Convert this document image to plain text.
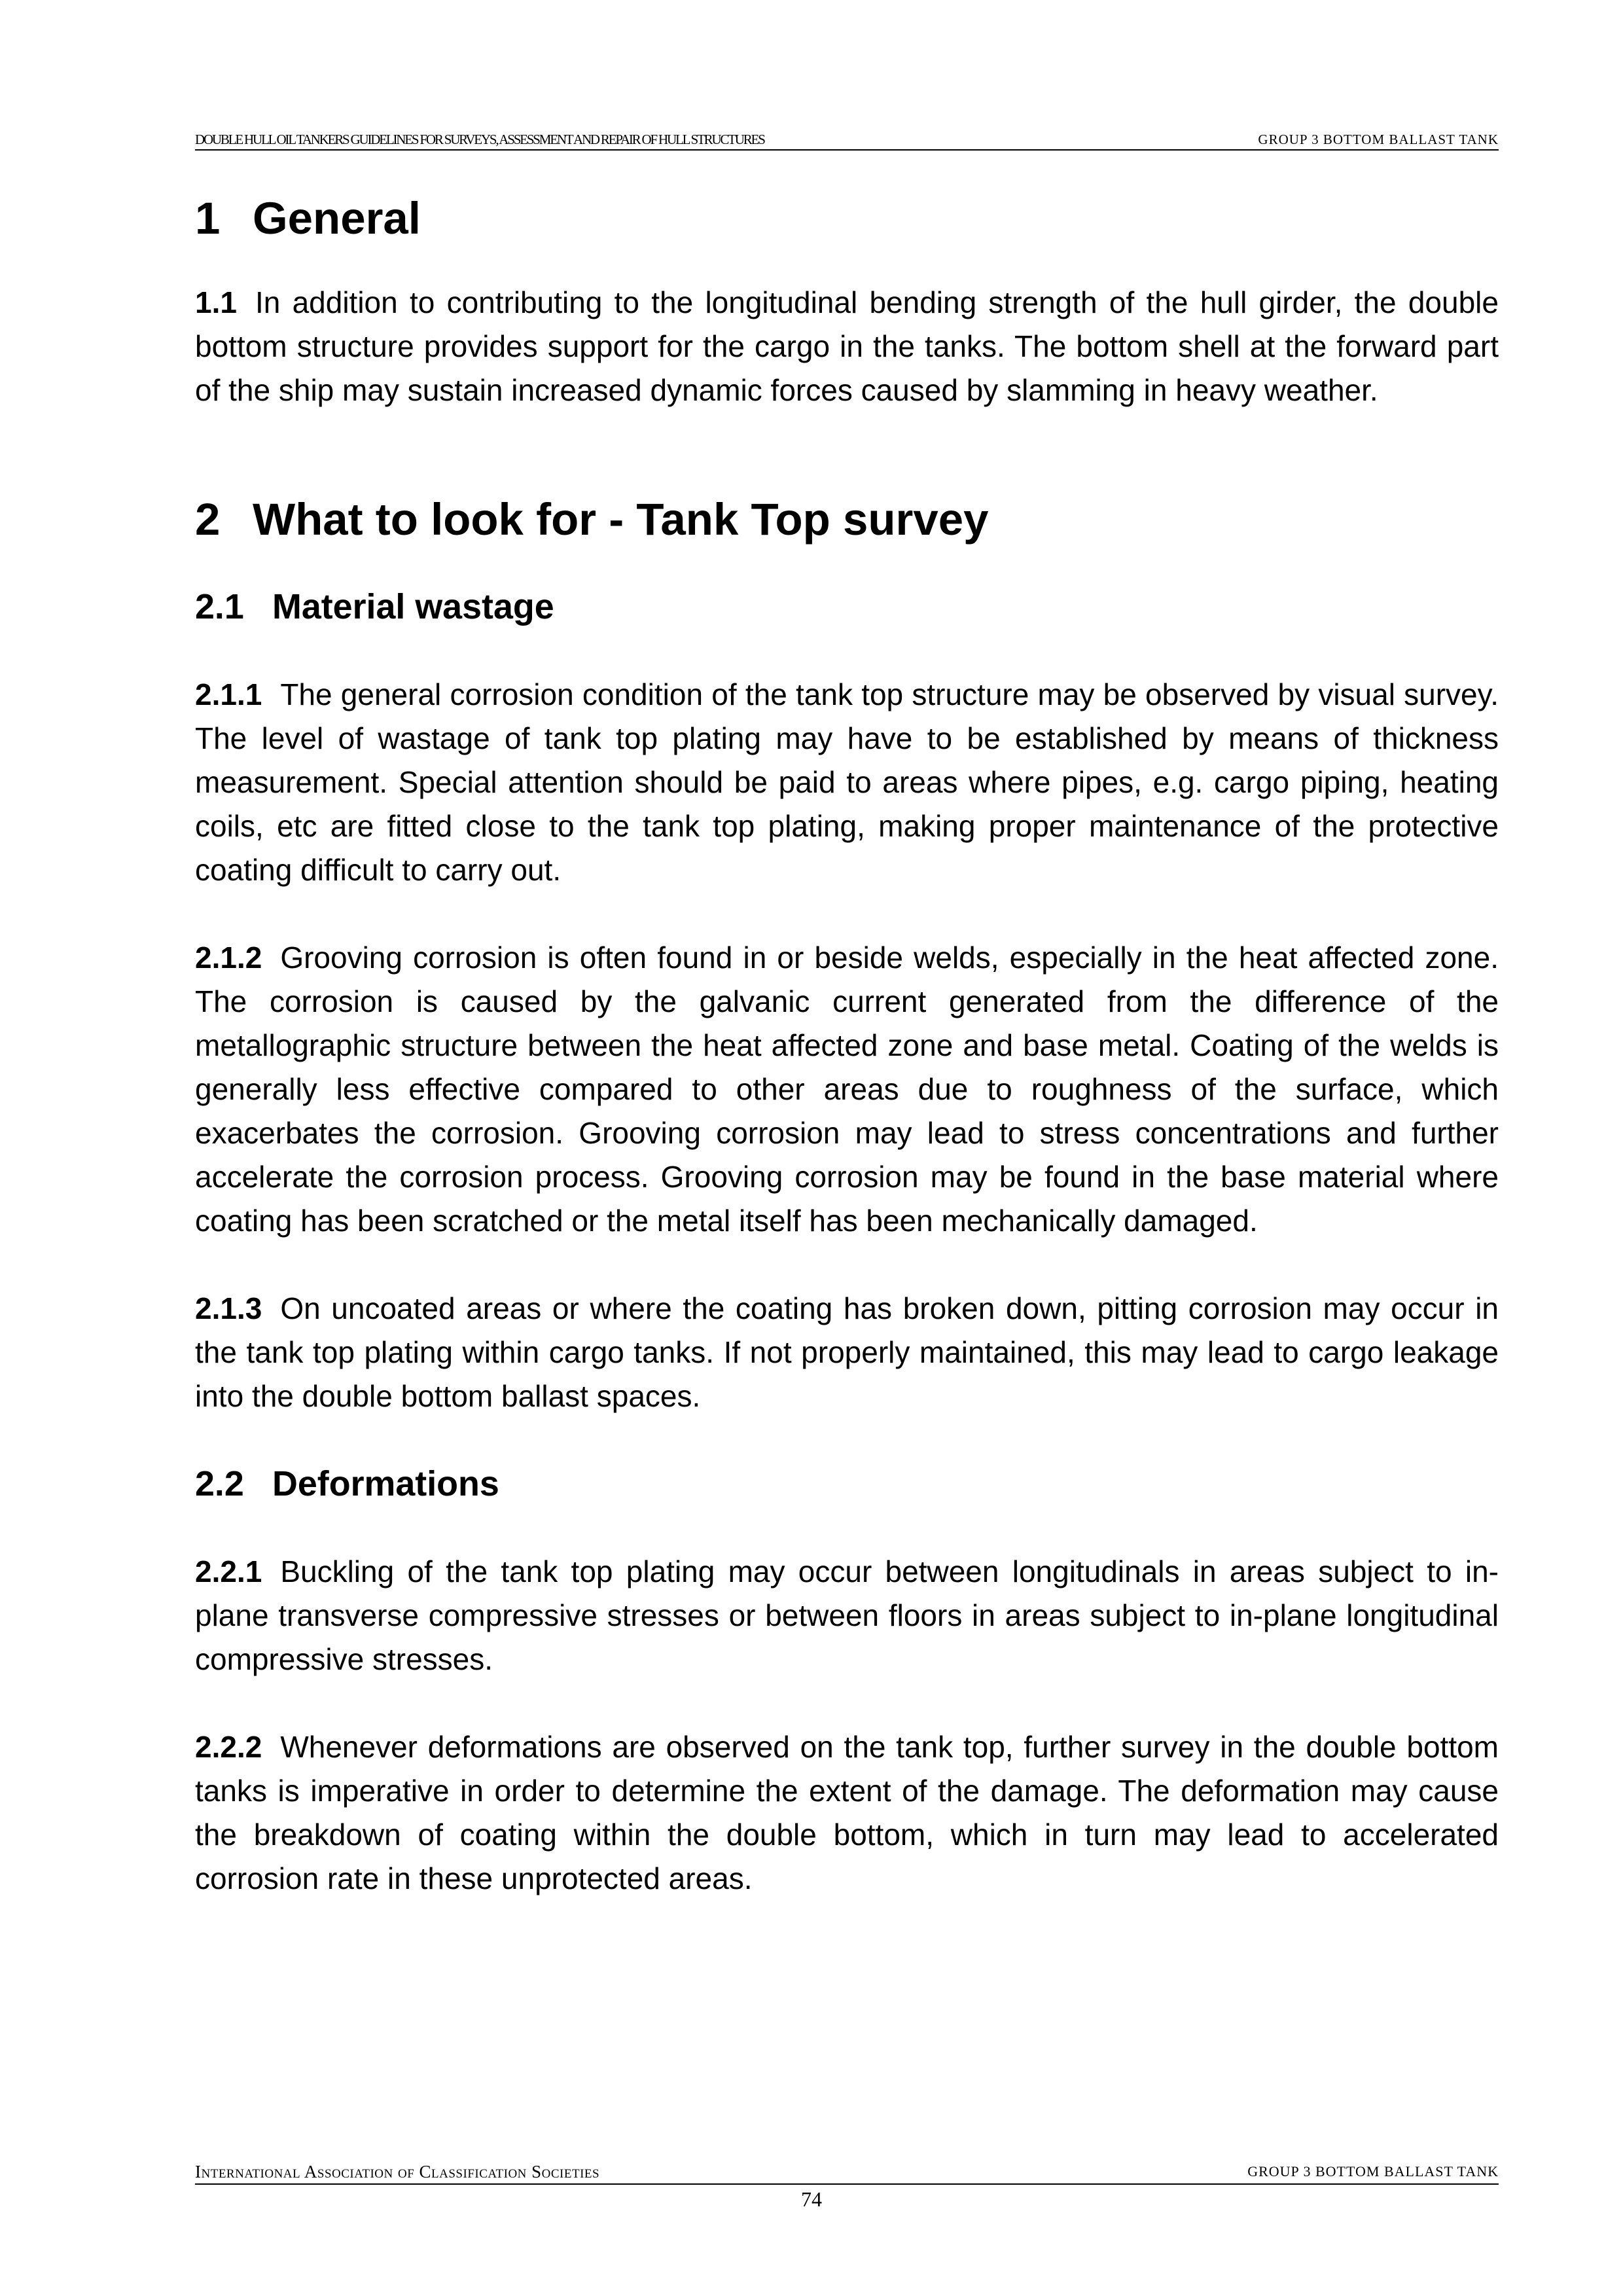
DOUBLE HULL OIL TANKERS GUIDELINES FOR SURVEYS, ASSESSMENT AND REPAIR OF HULL STRUCTURES	GROUP 3 BOTTOM BALLAST TANK
1 General

1.1 In addition to contributing to the longitudinal bending strength of the hull girder, the double bottom structure provides support for the cargo in the tanks. The bottom shell at the forward part of the ship may sustain increased dynamic forces caused by slamming in heavy weather.

2 What to look for - Tank Top survey
2.1 Material wastage

2.1.1 The general corrosion condition of the tank top structure may be observed by visual survey. The level of wastage of tank top plating may have to be established by means of thickness measurement. Special attention should be paid to areas where pipes, e.g. cargo piping, heating coils, etc are fitted close to the tank top plating, making proper maintenance of the protective coating difficult to carry out.

2.1.2 Grooving corrosion is often found in or beside welds, especially in the heat affected zone. The corrosion is caused by the galvanic current generated from the difference of the metallographic structure between the heat affected zone and base metal. Coating of the welds is generally less effective compared to other areas due to roughness of the surface, which exacerbates the corrosion. Grooving corrosion may lead to stress concentrations and further accelerate the corrosion process. Grooving corrosion may be found in the base material where coating has been scratched or the metal itself has been mechanically damaged.

2.1.3 On uncoated areas or where the coating has broken down, pitting corrosion may occur in the tank top plating within cargo tanks. If not properly maintained, this may lead to cargo leakage into the double bottom ballast spaces.

2.2 Deformations

2.2.1 Buckling of the tank top plating may occur between longitudinals in areas subject to in-plane transverse compressive stresses or between floors in areas subject to in-plane longitudinal compressive stresses.

2.2.2 Whenever deformations are observed on the tank top, further survey in the double bottom tanks is imperative in order to determine the extent of the damage. The deformation may cause the breakdown of coating within the double bottom, which in turn may lead to accelerated corrosion rate in these unprotected areas.

International Association of Classification Societies	GROUP 3 BOTTOM BALLAST TANK
74
